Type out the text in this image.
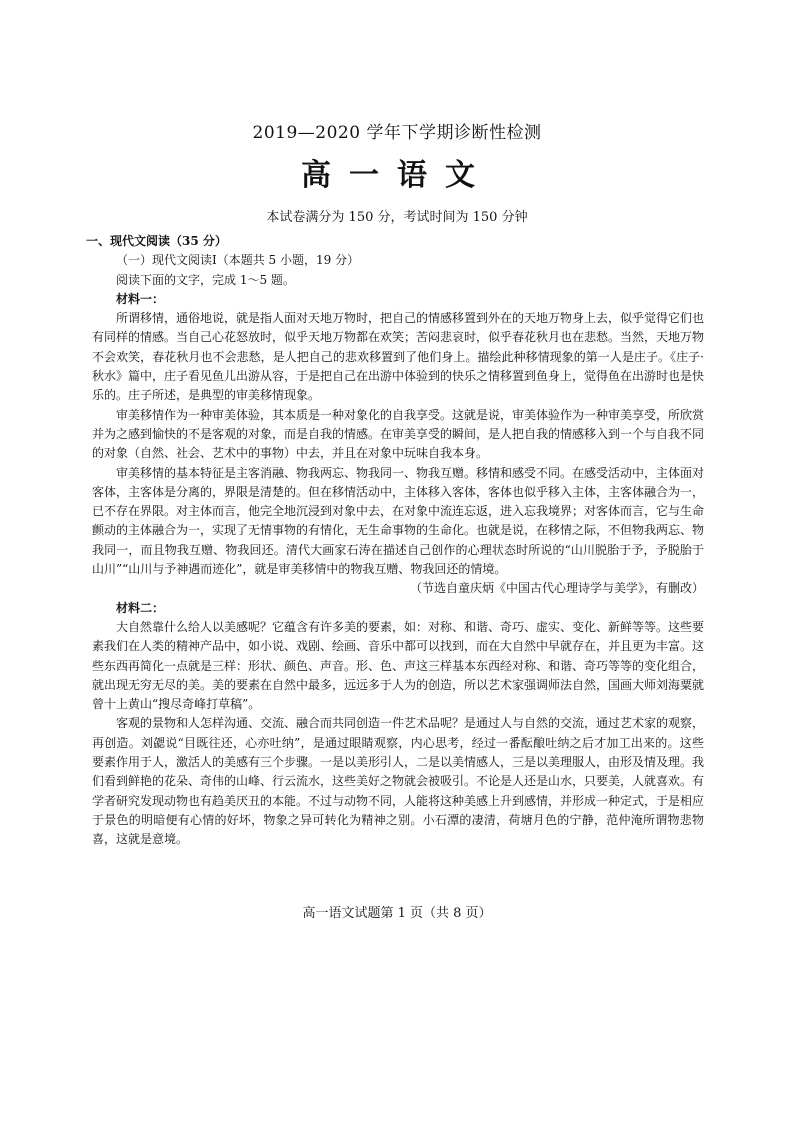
2019—2020 学年下学期诊断性检测
高一语文
本试卷满分为 150 分，考试时间为 150 分钟

一、现代文阅读（35 分）

（一）现代文阅读Ⅰ（本题共 5 小题，19 分）

阅读下面的文字，完成 1～5 题。

材料一：

所谓移情，通俗地说，就是指人面对天地万物时，把自己的情感移置到外在的天地万物身上去，似乎觉得它们也有同样的情感。当自己心花怒放时，似乎天地万物都在欢笑；苦闷悲哀时，似乎春花秋月也在悲愁。当然，天地万物不会欢笑，春花秋月也不会悲愁，是人把自己的悲欢移置到了他们身上。描绘此种移情现象的第一人是庄子。《庄子·秋水》篇中，庄子看见鱼儿出游从容，于是把自己在出游中体验到的快乐之情移置到鱼身上，觉得鱼在出游时也是快乐的。庄子所述，是典型的审美移情现象。

审美移情作为一种审美体验，其本质是一种对象化的自我享受。这就是说，审美体验作为一种审美享受，所欣赏并为之感到愉快的不是客观的对象，而是自我的情感。在审美享受的瞬间，是人把自我的情感移入到一个与自我不同的对象（自然、社会、艺术中的事物）中去，并且在对象中玩味自我本身。

审美移情的基本特征是主客消融、物我两忘、物我同一、物我互赠。移情和感受不同。在感受活动中，主体面对客体，主客体是分离的，界限是清楚的。但在移情活动中，主体移入客体，客体也似乎移入主体，主客体融合为一，已不存在界限。对主体而言，他完全地沉浸到对象中去，在对象中流连忘返，进入忘我境界；对客体而言，它与生命颤动的主体融合为一，实现了无情事物的有情化，无生命事物的生命化。也就是说，在移情之际，不但物我两忘、物我同一，而且物我互赠、物我回还。清代大画家石涛在描述自己创作的心理状态时所说的“山川脱胎于予，予脱胎于山川”“山川与予神遇而迹化”，就是审美移情中的物我互赠、物我回还的情境。

（节选自童庆炳《中国古代心理诗学与美学》，有删改）

材料二：

大自然靠什么给人以美感呢？它蕴含有许多美的要素，如：对称、和谐、奇巧、虚实、变化、新鲜等等。这些要素我们在人类的精神产品中，如小说、戏剧、绘画、音乐中都可以找到，而在大自然中早就存在，并且更为丰富。这些东西再简化一点就是三样：形状、颜色、声音。形、色、声这三样基本东西经对称、和谐、奇巧等等的变化组合，就出现无穷无尽的美。美的要素在自然中最多，远远多于人为的创造，所以艺术家强调师法自然，国画大师刘海粟就曾十上黄山“搜尽奇峰打草稿”。

客观的景物和人怎样沟通、交流、融合而共同创造一件艺术品呢？是通过人与自然的交流，通过艺术家的观察，再创造。刘勰说“目既往还，心亦吐纳”，是通过眼睛观察，内心思考，经过一番酝酿吐纳之后才加工出来的。这些要素作用于人，激活人的美感有三个步骤。一是以美形引人，二是以美情感人，三是以美理服人，由形及情及理。我们看到鲜艳的花朵、奇伟的山峰、行云流水，这些美好之物就会被吸引。不论是人还是山水，只要美，人就喜欢。有学者研究发现动物也有趋美厌丑的本能。不过与动物不同，人能将这种美感上升到感情，并形成一种定式，于是相应于景色的明暗便有心情的好坏，物象之异可转化为精神之别。小石潭的凄清，荷塘月色的宁静，范仲淹所谓物悲物喜，这就是意境。

高一语文试题第 1 页（共 8 页）
